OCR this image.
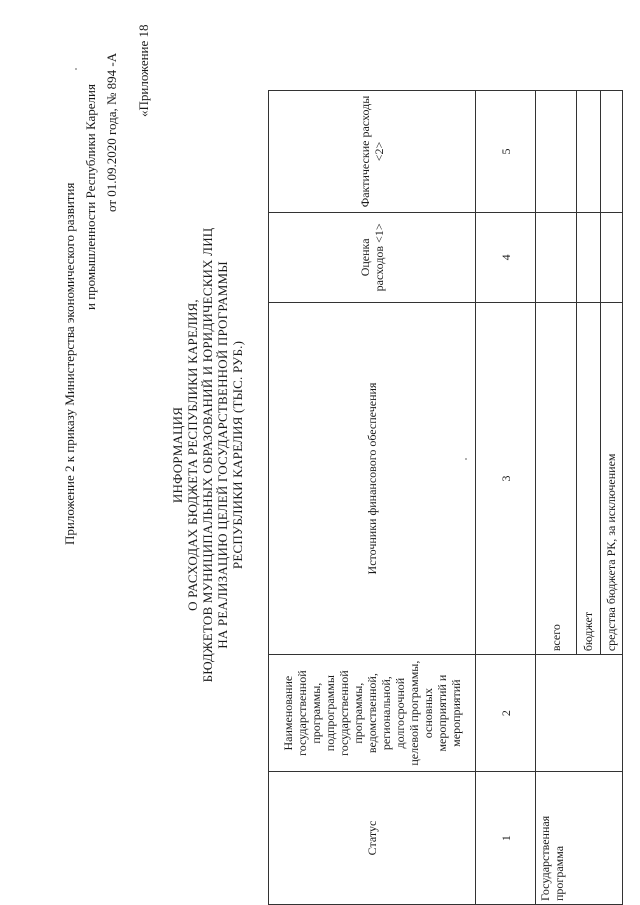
Приложение 2 к приказу Министерства экономического развития и промышленности Республики Карелия от 01.09.2020 года, № 894 -А «Приложение 18
ИНФОРМАЦИЯ О РАСХОДАХ БЮДЖЕТА РЕСПУБЛИКИ КАРЕЛИЯ, БЮДЖЕТОВ МУНИЦИПАЛЬНЫХ ОБРАЗОВАНИЙ И ЮРИДИЧЕСКИХ ЛИЦ НА РЕАЛИЗАЦИЮ ЦЕЛЕЙ ГОСУДАРСТВЕННОЙ ПРОГРАММЫ РЕСПУБЛИКИ КАРЕЛИЯ (ТЫС. РУБ.)
Статус	Наименование государственной программы, подпрограммы государственной программы, ведомственной, региональной, долгосрочной целевой программы, основных мероприятий и мероприятий	Источники финансового обеспечения	Оценка расходов <1>	Фактические расходы <2>
1	2	3	4	5
Государственная программа		всего		
		бюджет		
		средства бюджета РК, за исключением		
